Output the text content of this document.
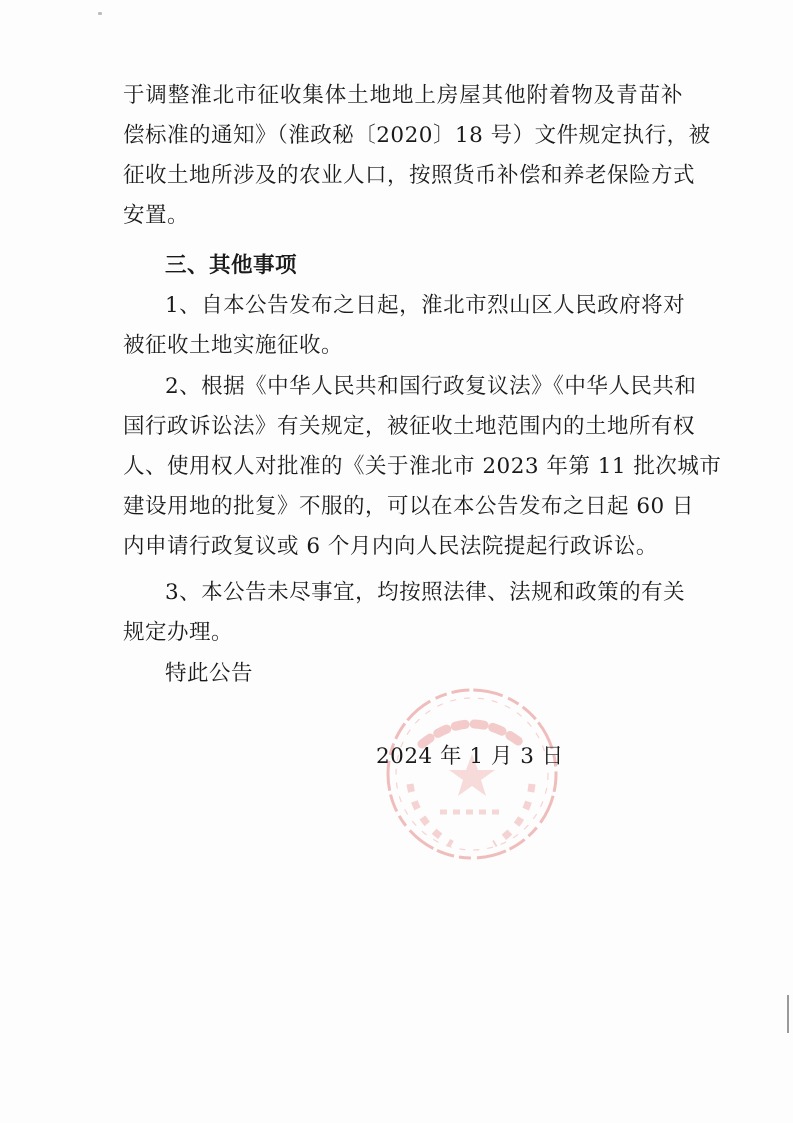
于调整淮北市征收集体土地地上房屋其他附着物及青苗补
偿标准的通知》（淮政秘〔2020〕18 号）文件规定执行，被
征收土地所涉及的农业人口，按照货币补偿和养老保险方式
安置。
三、其他事项
1、自本公告发布之日起，淮北市烈山区人民政府将对
被征收土地实施征收。
2、根据《中华人民共和国行政复议法》《中华人民共和
国行政诉讼法》有关规定，被征收土地范围内的土地所有权
人、使用权人对批准的《关于淮北市 2023 年第 11 批次城市
建设用地的批复》不服的，可以在本公告发布之日起 60 日
内申请行政复议或 6 个月内向人民法院提起行政诉讼。
3、本公告未尽事宜，均按照法律、法规和政策的有关
规定办理。
特此公告
2024 年 1 月 3 日
